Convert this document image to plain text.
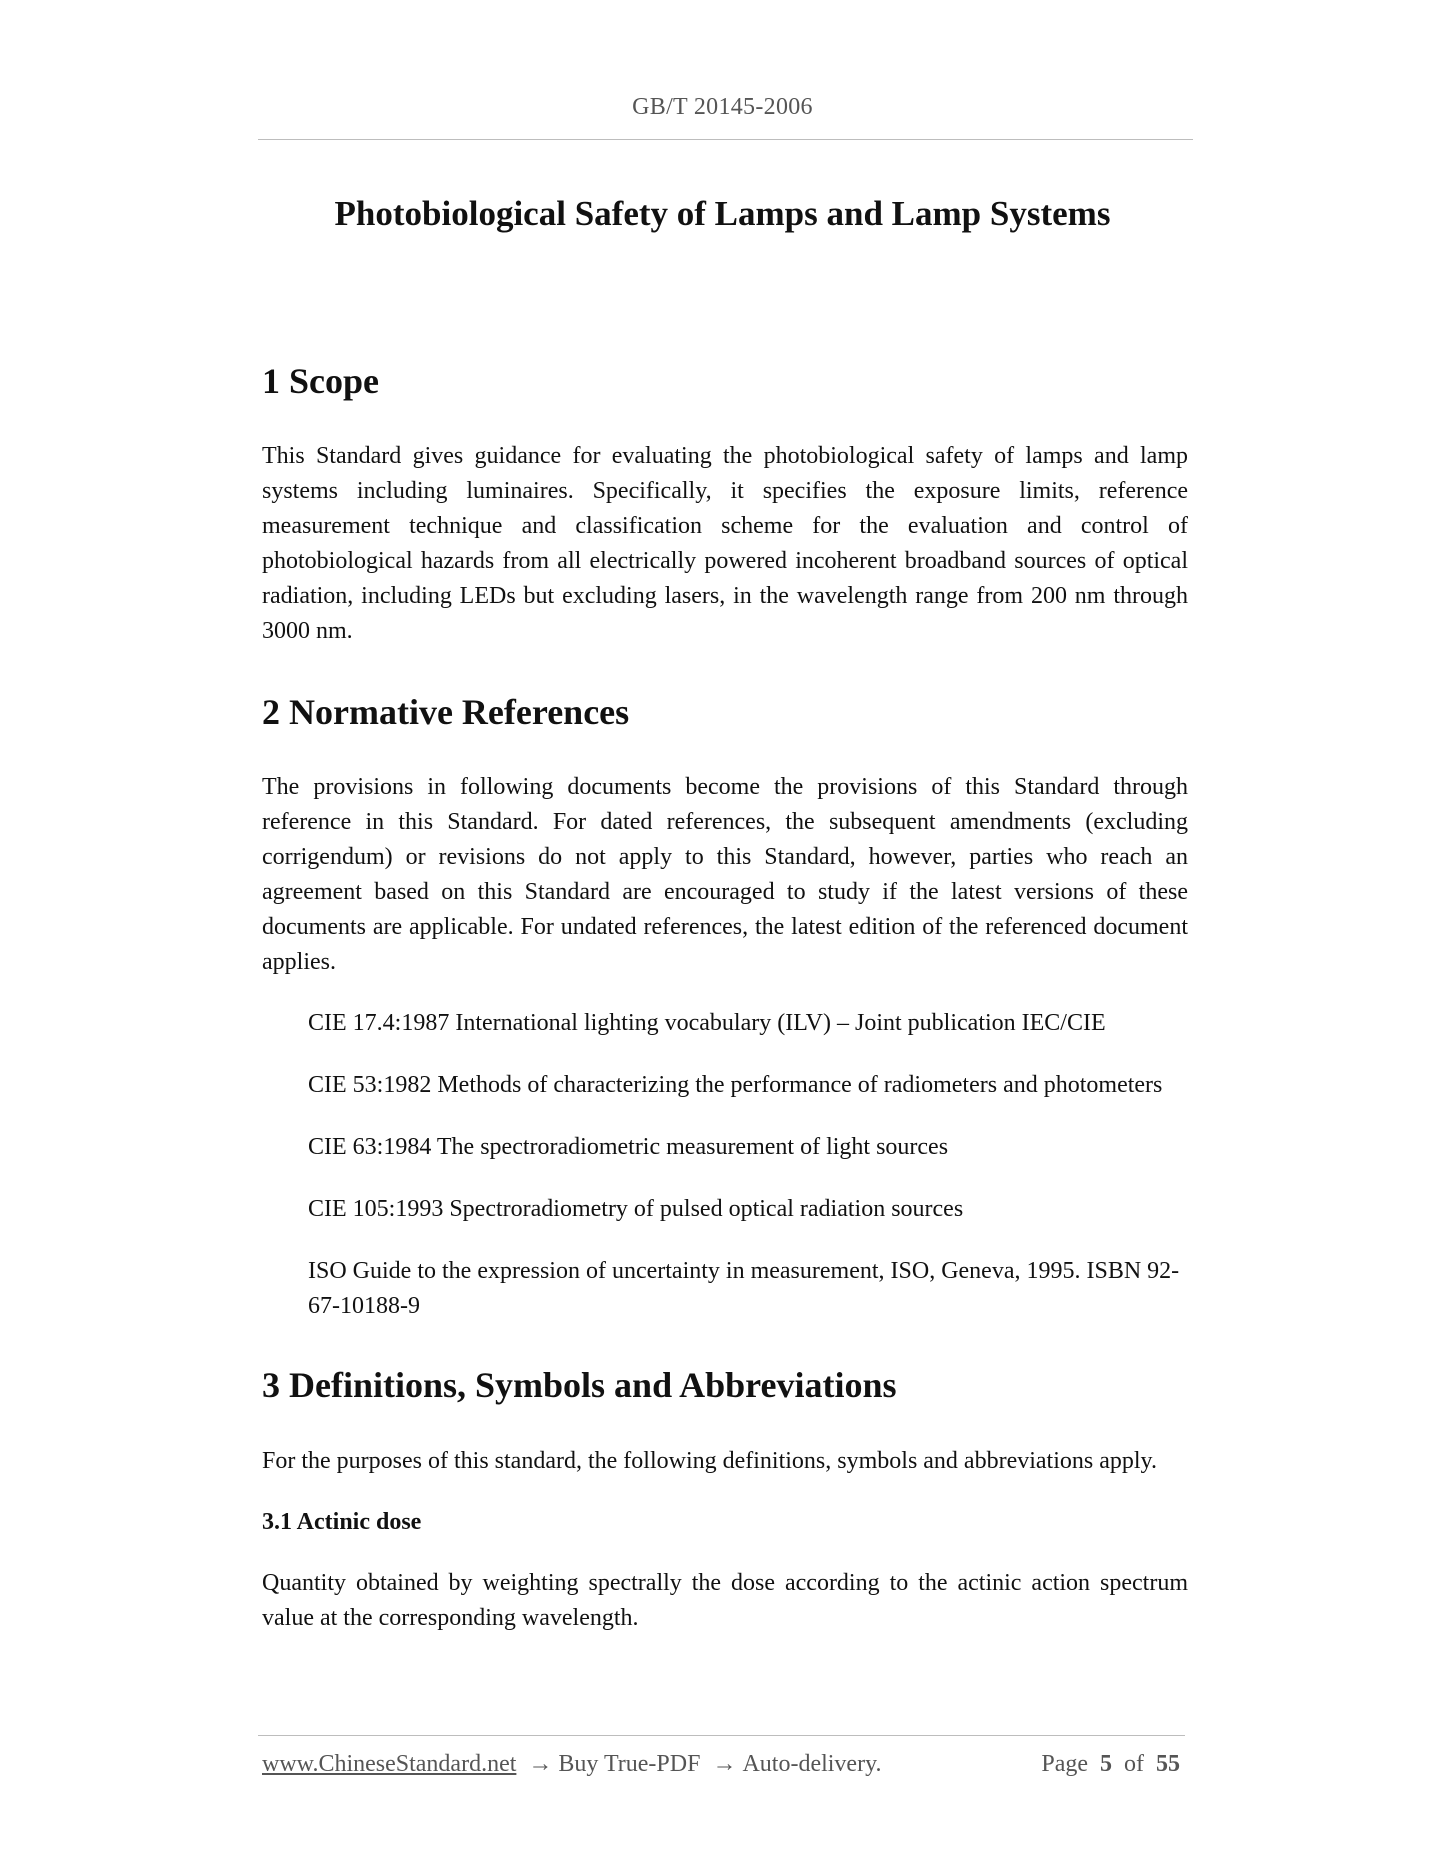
GB/T 20145-2006
Photobiological Safety of Lamps and Lamp Systems
1 Scope

This Standard gives guidance for evaluating the photobiological safety of lamps and lamp systems including luminaires. Specifically, it specifies the exposure limits, reference measurement technique and classification scheme for the evaluation and control of photobiological hazards from all electrically powered incoherent broadband sources of optical radiation, including LEDs but excluding lasers, in the wavelength range from 200 nm through 3000 nm.

2 Normative References

The provisions in following documents become the provisions of this Standard through reference in this Standard. For dated references, the subsequent amendments (excluding corrigendum) or revisions do not apply to this Standard, however, parties who reach an agreement based on this Standard are encouraged to study if the latest versions of these documents are applicable. For undated references, the latest edition of the referenced document applies.

CIE 17.4:1987 International lighting vocabulary (ILV) – Joint publication IEC/CIE
CIE 53:1982 Methods of characterizing the performance of radiometers and photometers
CIE 63:1984 The spectroradiometric measurement of light sources
CIE 105:1993 Spectroradiometry of pulsed optical radiation sources
ISO Guide to the expression of uncertainty in measurement, ISO, Geneva, 1995. ISBN 92-67-10188-9
3 Definitions, Symbols and Abbreviations

For the purposes of this standard, the following definitions, symbols and abbreviations apply.

3.1 Actinic dose

Quantity obtained by weighting spectrally the dose according to the actinic action spectrum value at the corresponding wavelength.

www.ChineseStandard.net → Buy True-PDF → Auto-delivery.	Page 5 of 55
